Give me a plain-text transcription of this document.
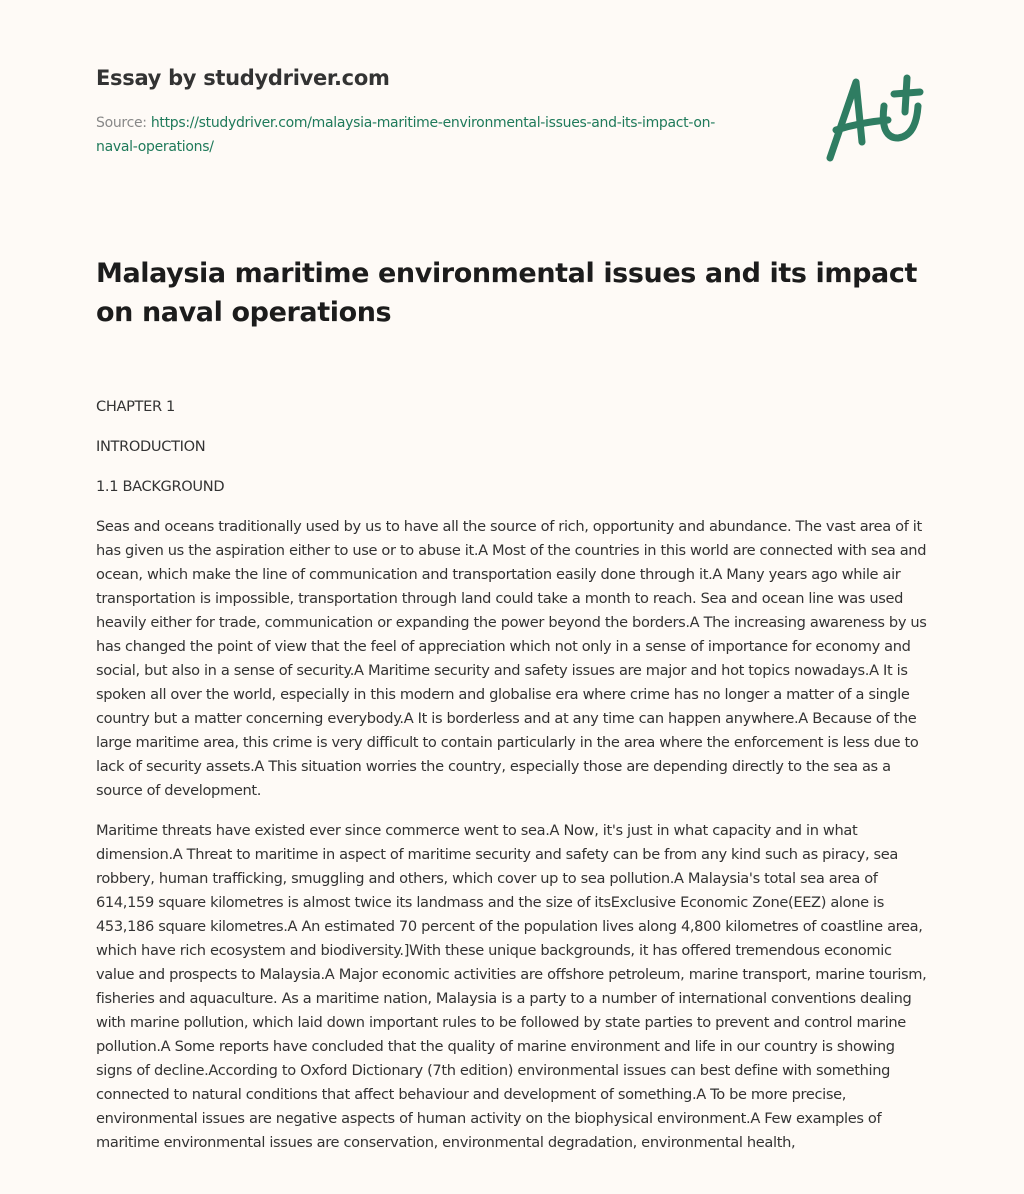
Essay by studydriver.com
Source: https://studydriver.com/malaysia-maritime-environmental-issues-and-its-impact-on-naval-operations/
Malaysia maritime environmental issues and its impact on naval operations

CHAPTER 1

INTRODUCTION

1.1 BACKGROUND

Seas and oceans traditionally used by us to have all the source of rich, opportunity and abundance. The vast area of it has given us the aspiration either to use or to abuse it.A Most of the countries in this world are connected with sea and ocean, which make the line of communication and transportation easily done through it.A Many years ago while air transportation is impossible, transportation through land could take a month to reach. Sea and ocean line was used heavily either for trade, communication or expanding the power beyond the borders.A The increasing awareness by us has changed the point of view that the feel of appreciation which not only in a sense of importance for economy and social, but also in a sense of security.A Maritime security and safety issues are major and hot topics nowadays.A It is spoken all over the world, especially in this modern and globalise era where crime has no longer a matter of a single country but a matter concerning everybody.A It is borderless and at any time can happen anywhere.A Because of the large maritime area, this crime is very difficult to contain particularly in the area where the enforcement is less due to lack of security assets.A This situation worries the country, especially those are depending directly to the sea as a source of development.

Maritime threats have existed ever since commerce went to sea.A Now, it's just in what capacity and in what dimension.A Threat to maritime in aspect of maritime security and safety can be from any kind such as piracy, sea robbery, human trafficking, smuggling and others, which cover up to sea pollution.A Malaysia's total sea area of 614,159 square kilometres is almost twice its landmass and the size of itsExclusive Economic Zone(EEZ) alone is 453,186 square kilometres.A An estimated 70 percent of the population lives along 4,800 kilometres of coastline area, which have rich ecosystem and biodiversity.]With these unique backgrounds, it has offered tremendous economic value and prospects to Malaysia.A Major economic activities are offshore petroleum, marine transport, marine tourism, fisheries and aquaculture. As a maritime nation, Malaysia is a party to a number of international conventions dealing with marine pollution, which laid down important rules to be followed by state parties to prevent and control marine pollution.A Some reports have concluded that the quality of marine environment and life in our country is showing signs of decline.According to Oxford Dictionary (7th edition) environmental issues can best define with something connected to natural conditions that affect behaviour and development of something.A To be more precise, environmental issues are negative aspects of human activity on the biophysical environment.A Few examples of maritime environmental issues are conservation, environmental degradation, environmental health,
